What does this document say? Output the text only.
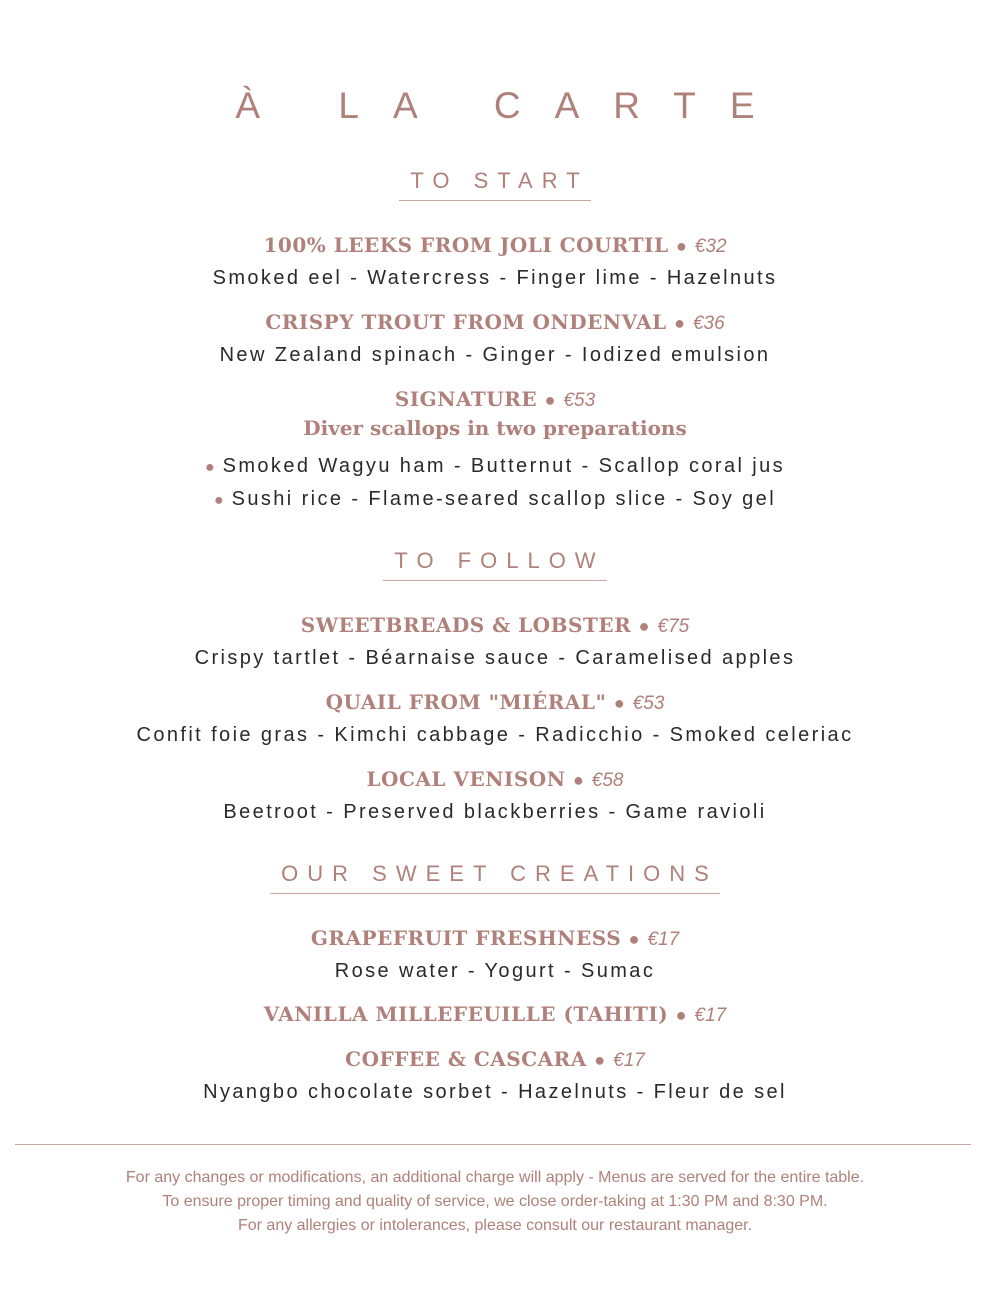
À LA CARTE
TO START
100% LEEKS FROM JOLI COURTIL ● €32
Smoked eel - Watercress - Finger lime - Hazelnuts
CRISPY TROUT FROM ONDENVAL ● €36
New Zealand spinach - Ginger - Iodized emulsion
SIGNATURE ● €53
Diver scallops in two preparations
● Smoked Wagyu ham - Butternut - Scallop coral jus
● Sushi rice - Flame-seared scallop slice - Soy gel
TO FOLLOW
SWEETBREADS & LOBSTER ● €75
Crispy tartlet - Béarnaise sauce - Caramelised apples
QUAIL FROM "MIÉRAL" ● €53
Confit foie gras - Kimchi cabbage - Radicchio - Smoked celeriac
LOCAL VENISON ● €58
Beetroot - Preserved blackberries - Game ravioli
OUR SWEET CREATIONS
GRAPEFRUIT FRESHNESS ● €17
Rose water - Yogurt - Sumac
VANILLA MILLEFEUILLE (TAHITI) ● €17
COFFEE & CASCARA ● €17
Nyangbo chocolate sorbet - Hazelnuts - Fleur de sel
For any changes or modifications, an additional charge will apply - Menus are served for the entire table.
To ensure proper timing and quality of service, we close order-taking at 1:30 PM and 8:30 PM.
For any allergies or intolerances, please consult our restaurant manager.
